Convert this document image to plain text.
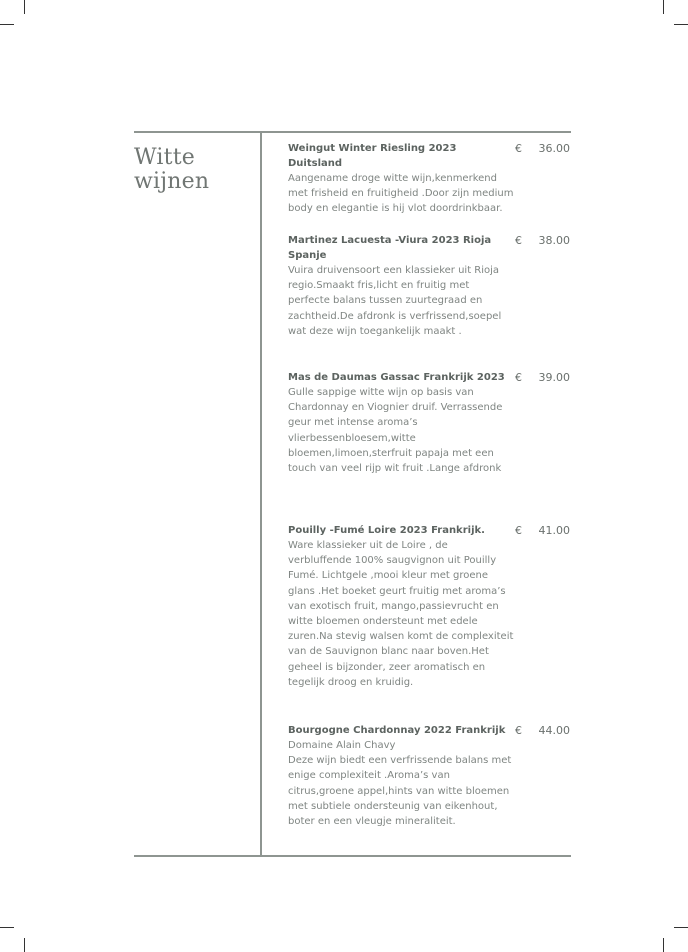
Witte
wijnen
Weingut Winter Riesling 2023 Duitsland
Aangename droge witte wijn,kenmerkend met frisheid en fruitigheid .Door zijn medium body en elegantie is hij vlot doordrinkbaar.
€	36.00
Martinez Lacuesta -Viura 2023 Rioja Spanje
Vuira druivensoort een klassieker uit Rioja regio.Smaakt fris,licht en fruitig met perfecte balans tussen zuurtegraad en zachtheid.De afdronk is verfrissend,soepel wat deze wijn toegankelijk maakt .
€	38.00
Mas de Daumas Gassac Frankrijk 2023
Gulle sappige witte wijn op basis van Chardonnay en Viognier druif. Verrassende geur met intense aroma’s vlierbessenbloesem,witte bloemen,limoen,sterfruit papaja met een touch van veel rijp wit fruit .Lange afdronk
€	39.00
Pouilly -Fumé Loire 2023 Frankrijk.
Ware klassieker uit de Loire , de verbluffende 100% saugvignon uit Pouilly Fumé. Lichtgele ,mooi kleur met groene glans .Het boeket geurt fruitig met aroma’s van exotisch fruit, mango,passievrucht en witte bloemen ondersteunt met edele zuren.Na stevig walsen komt de complexiteit van de Sauvignon blanc naar boven.Het geheel is bijzonder, zeer aromatisch en tegelijk droog en kruidig.
€	41.00
Bourgogne Chardonnay 2022 Frankrijk
Domaine Alain Chavy
Deze wijn biedt een verfrissende balans met enige complexiteit .Aroma’s van citrus,groene appel,hints van witte bloemen met subtiele ondersteunig van eikenhout, boter en een vleugje mineraliteit.
€	44.00
